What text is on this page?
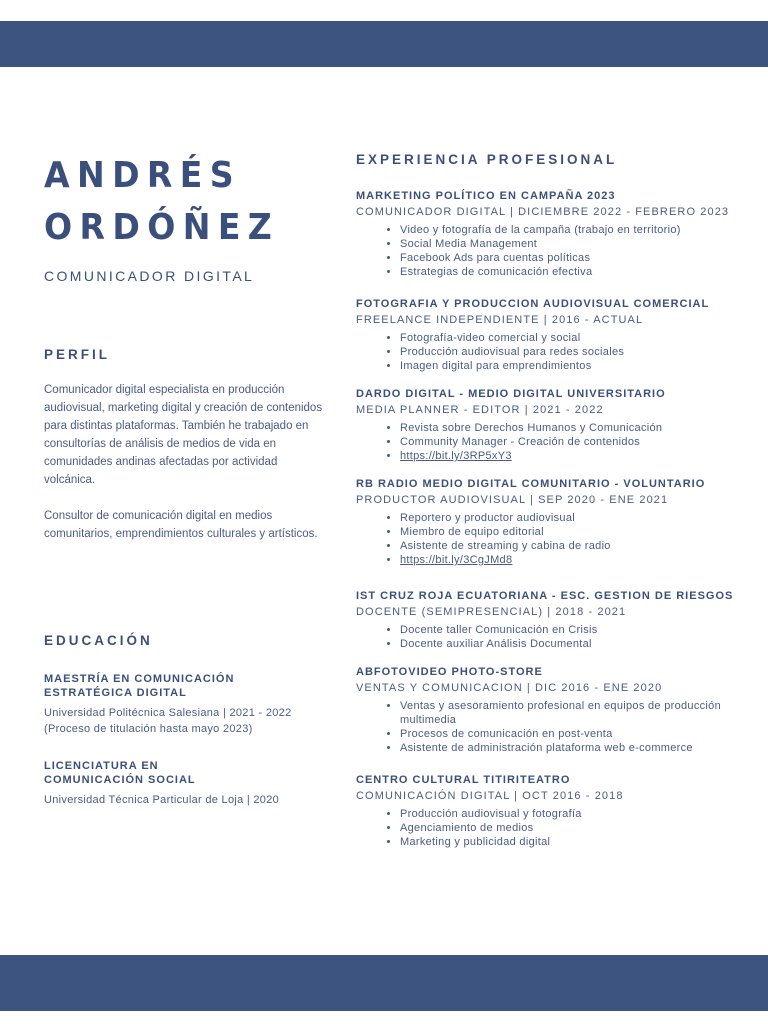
ANDRÉS
ORDÓÑEZ
COMUNICADOR DIGITAL
PERFIL

Comunicador digital especialista en producción audiovisual, marketing digital y creación de contenidos para distintas plataformas. También he trabajado en consultorías de análisis de medios de vida en comunidades andinas afectadas por actividad volcánica.

Consultor de comunicación digital en medios comunitarios, emprendimientos culturales y artísticos.

EDUCACIÓN
MAESTRÍA EN COMUNICACIÓN
ESTRATÉGICA DIGITAL
Universidad Politécnica Salesiana | 2021 - 2022
(Proceso de titulación hasta mayo 2023)
LICENCIATURA EN
COMUNICACIÓN SOCIAL
Universidad Técnica Particular de Loja | 2020
EXPERIENCIA PROFESIONAL
MARKETING POLÍTICO EN CAMPAÑA 2023
COMUNICADOR DIGITAL | DICIEMBRE 2022 - FEBRERO 2023
• Video y fotografía de la campaña (trabajo en territorio)
• Social Media Management
• Facebook Ads para cuentas políticas
• Estrategias de comunicación efectiva
FOTOGRAFIA Y PRODUCCION AUDIOVISUAL COMERCIAL
FREELANCE INDEPENDIENTE | 2016 - ACTUAL
• Fotografía-video comercial y social
• Producción audiovisual para redes sociales
• Imagen digital para emprendimientos
DARDO DIGITAL - MEDIO DIGITAL UNIVERSITARIO
MEDIA PLANNER - EDITOR | 2021 - 2022
• Revista sobre Derechos Humanos y Comunicación
• Community Manager - Creación de contenidos
• https://bit.ly/3RP5xY3
RB RADIO MEDIO DIGITAL COMUNITARIO - VOLUNTARIO
PRODUCTOR AUDIOVISUAL | SEP 2020 - ENE 2021
• Reportero y productor audiovisual
• Miembro de equipo editorial
• Asistente de streaming y cabina de radio
• https://bit.ly/3CgJMd8
IST CRUZ ROJA ECUATORIANA - ESC. GESTION DE RIESGOS
DOCENTE (SEMIPRESENCIAL) | 2018 - 2021
• Docente taller Comunicación en Crisis
• Docente auxiliar Análisis Documental
ABFOTOVIDEO PHOTO-STORE
VENTAS Y COMUNICACION | DIC 2016 - ENE 2020
• Ventas y asesoramiento profesional en equipos de producción multimedia
• Procesos de comunicación en post-venta
• Asistente de administración plataforma web e-commerce
CENTRO CULTURAL TITIRITEATRO
COMUNICACIÓN DIGITAL | OCT 2016 - 2018
• Producción audiovisual y fotografía
• Agenciamiento de medios
• Marketing y publicidad digital
